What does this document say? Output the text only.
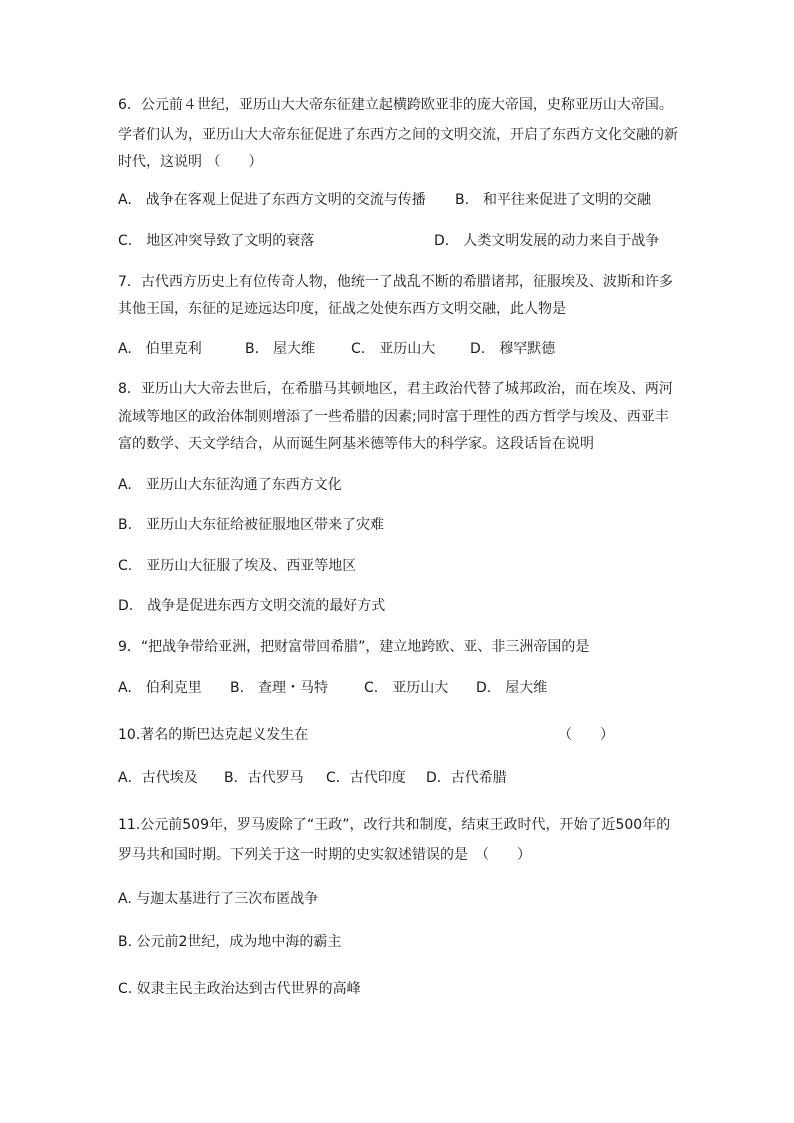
6．公元前４世纪，亚历山大大帝东征建立起横跨欧亚非的庞大帝国，史称亚历山大帝国。
学者们认为，亚历山大大帝东征促进了东西方之间的文明交流，开启了东西方文化交融的新
时代，这说明 （　　）
A.　战争在客观上促进了东西方文明的交流与传播 B.　和平往来促进了文明的交融
C.　地区冲突导致了文明的衰落	D.　人类文明发展的动力来自于战争
7．古代西方历史上有位传奇人物，他统一了战乱不断的希腊诸邦，征服埃及、波斯和许多
其他王国，东征的足迹远达印度，征战之处使东西方文明交融，此人物是
A.　伯里克利	B.　屋大维	C.　亚历山大 D.　穆罕默德
8．亚历山大大帝去世后，在希腊马其顿地区，君主政治代替了城邦政治，而在埃及、两河
流域等地区的政治体制则增添了一些希腊的因素;同时富于理性的西方哲学与埃及、西亚丰
富的数学、天文学结合，从而诞生阿基米德等伟大的科学家。这段话旨在说明
A.　亚历山大东征沟通了东西方文化
B.　亚历山大东征给被征服地区带来了灾难
C.　亚历山大征服了埃及、西亚等地区
D.　战争是促进东西方文明交流的最好方式
9．“把战争带给亚洲，把财富带回希腊”，建立地跨欧、亚、非三洲帝国的是
A.　伯利克里 B.　查理・马特	C.　亚历山大 D.　屋大维
10.著名的斯巴达克起义发生在	（　　）
A．古代埃及 B．古代罗马 C．古代印度 D．古代希腊
11.公元前509年，罗马废除了“王政”，改行共和制度，结束王政时代，开始了近500年的
罗马共和国时期。下列关于这一时期的史实叙述错误的是　（　　）
A. 与迦太基进行了三次布匿战争
B. 公元前2世纪，成为地中海的霸主
C. 奴隶主民主政治达到古代世界的高峰
